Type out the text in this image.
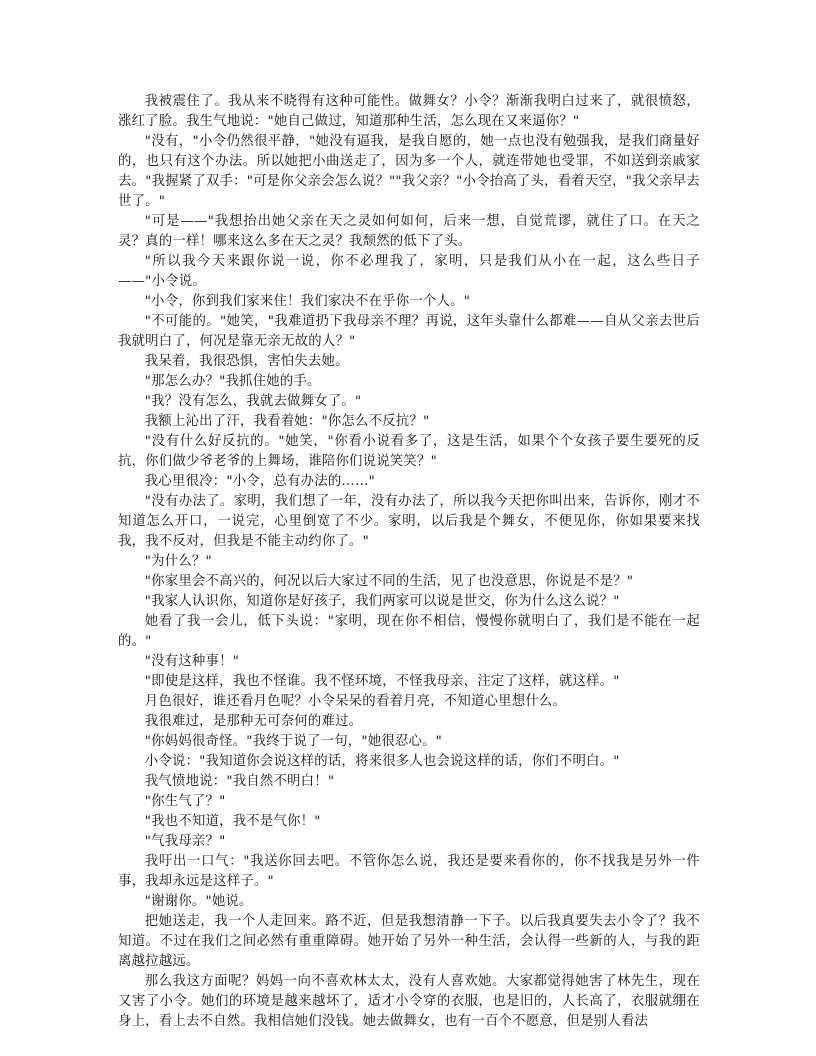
我被震住了。我从来不晓得有这种可能性。做舞女？小令？渐渐我明白过来了，就很愤怒，涨红了脸。我生气地说："她自己做过，知道那种生活，怎么现在又来逼你？"

"没有，"小令仍然很平静，"她没有逼我，是我自愿的，她一点也没有勉强我，是我们商量好的，也只有这个办法。所以她把小曲送走了，因为多一个人，就连带她也受罪，不如送到亲戚家去。"我握紧了双手："可是你父亲会怎么说？""我父亲？"小令抬高了头，看着天空，"我父亲早去世了。"

"可是——"我想抬出她父亲在天之灵如何如何，后来一想，自觉荒谬，就住了口。在天之灵？真的一样！哪来这么多在天之灵？我颓然的低下了头。

"所以我今天来跟你说一说，你不必理我了，家明，只是我们从小在一起，这么些日子——"小令说。

"小令，你到我们家来住！我们家决不在乎你一个人。"

"不可能的。"她笑，"我难道扔下我母亲不理？再说，这年头靠什么都难——自从父亲去世后我就明白了，何况是靠无亲无故的人？"

我呆着，我很恐惧，害怕失去她。

"那怎么办？"我抓住她的手。

"我？没有怎么，我就去做舞女了。"

我额上沁出了汗，我看着她："你怎么不反抗？"

"没有什么好反抗的。"她笑，"你看小说看多了，这是生活，如果个个女孩子要生要死的反抗，你们做少爷老爷的上舞场，谁陪你们说说笑笑？"

我心里很冷："小令，总有办法的……"

"没有办法了。家明，我们想了一年，没有办法了，所以我今天把你叫出来，告诉你，刚才不知道怎么开口，一说完，心里倒宽了不少。家明，以后我是个舞女，不便见你，你如果要来找我，我不反对，但我是不能主动约你了。"

"为什么？"

"你家里会不高兴的，何况以后大家过不同的生活，见了也没意思，你说是不是？"

"我家人认识你，知道你是好孩子，我们两家可以说是世交，你为什么这么说？"

她看了我一会儿，低下头说："家明，现在你不相信，慢慢你就明白了，我们是不能在一起的。"

"没有这种事！"

"即使是这样，我也不怪谁。我不怪环境，不怪我母亲，注定了这样，就这样。"

月色很好，谁还看月色呢？小令呆呆的看着月亮，不知道心里想什么。

我很难过，是那种无可奈何的难过。

"你妈妈很奇怪。"我终于说了一句，"她很忍心。"

小令说："我知道你会说这样的话，将来很多人也会说这样的话，你们不明白。"

我气愤地说："我自然不明白！"

"你生气了？"

"我也不知道，我不是气你！"

"气我母亲？"

我吁出一口气："我送你回去吧。不管你怎么说，我还是要来看你的，你不找我是另外一件事，我却永远是这样子。"

"谢谢你。"她说。

把她送走，我一个人走回来。路不近，但是我想清静一下子。以后我真要失去小令了？我不知道。不过在我们之间必然有重重障碍。她开始了另外一种生活，会认得一些新的人，与我的距离越拉越远。

那么我这方面呢？妈妈一向不喜欢林太太，没有人喜欢她。大家都觉得她害了林先生，现在又害了小令。她们的环境是越来越坏了，适才小令穿的衣服，也是旧的，人长高了，衣服就绷在身上，看上去不自然。我相信她们没钱。她去做舞女，也有一百个不愿意，但是别人看法
